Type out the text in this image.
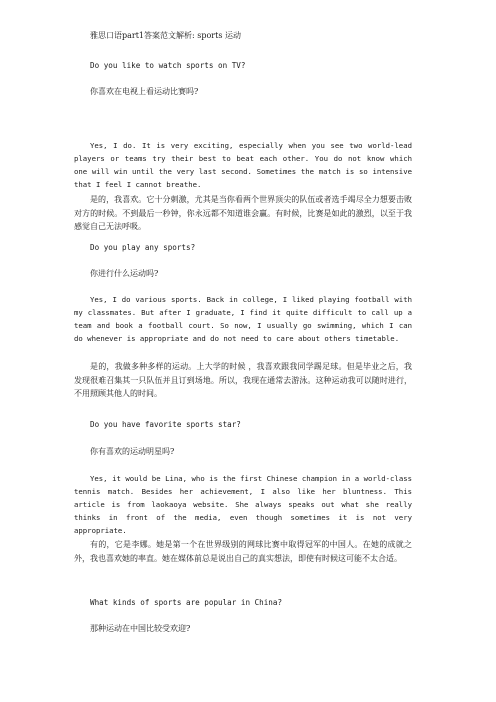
雅思口语part1答案范文解析: sports 运动
Do you like to watch sports on TV?
你喜欢在电视上看运动比赛吗?

Yes, I do. It is very exciting, especially when you see two world-lead players or teams try their best to beat each other. You do not know which one will win until the very last second. Sometimes the match is so intensive that I feel I cannot breathe.

是的，我喜欢。它十分刺激，尤其是当你看两个世界顶尖的队伍或者选手竭尽全力想要击败对方的时候。不到最后一秒钟，你永远都不知道谁会赢。有时候，比赛是如此的激烈，以至于我感觉自己无法呼吸。

Do you play any sports?
你进行什么运动吗?

Yes, I do various sports. Back in college, I liked playing football with my classmates. But after I graduate, I find it quite difficult to call up a team and book a football court. So now, I usually go swimming, which I can do whenever is appropriate and do not need to care about others timetable.

是的，我做多种多样的运动。上大学的时候 ，我喜欢跟我同学踢足球。但是毕业之后，我发现很难召集其一只队伍并且订到场地。所以，我现在通常去游泳。这种运动我可以随时进行，不用照顾其他人的时间。

Do you have favorite sports star?
你有喜欢的运动明星吗?

Yes, it would be Lina, who is the first Chinese champion in a world-class tennis match. Besides her achievement, I also like her bluntness. This article is from laokaoya website. She always speaks out what she really thinks in front of the media, even though sometimes it is not very appropriate.

有的，它是李娜。她是第一个在世界级别的网球比赛中取得冠军的中国人。在她的成就之外，我也喜欢她的率直。她在媒体前总是说出自己的真实想法，即使有时候这可能不太合适。

What kinds of sports are popular in China?
那种运动在中国比较受欢迎?
